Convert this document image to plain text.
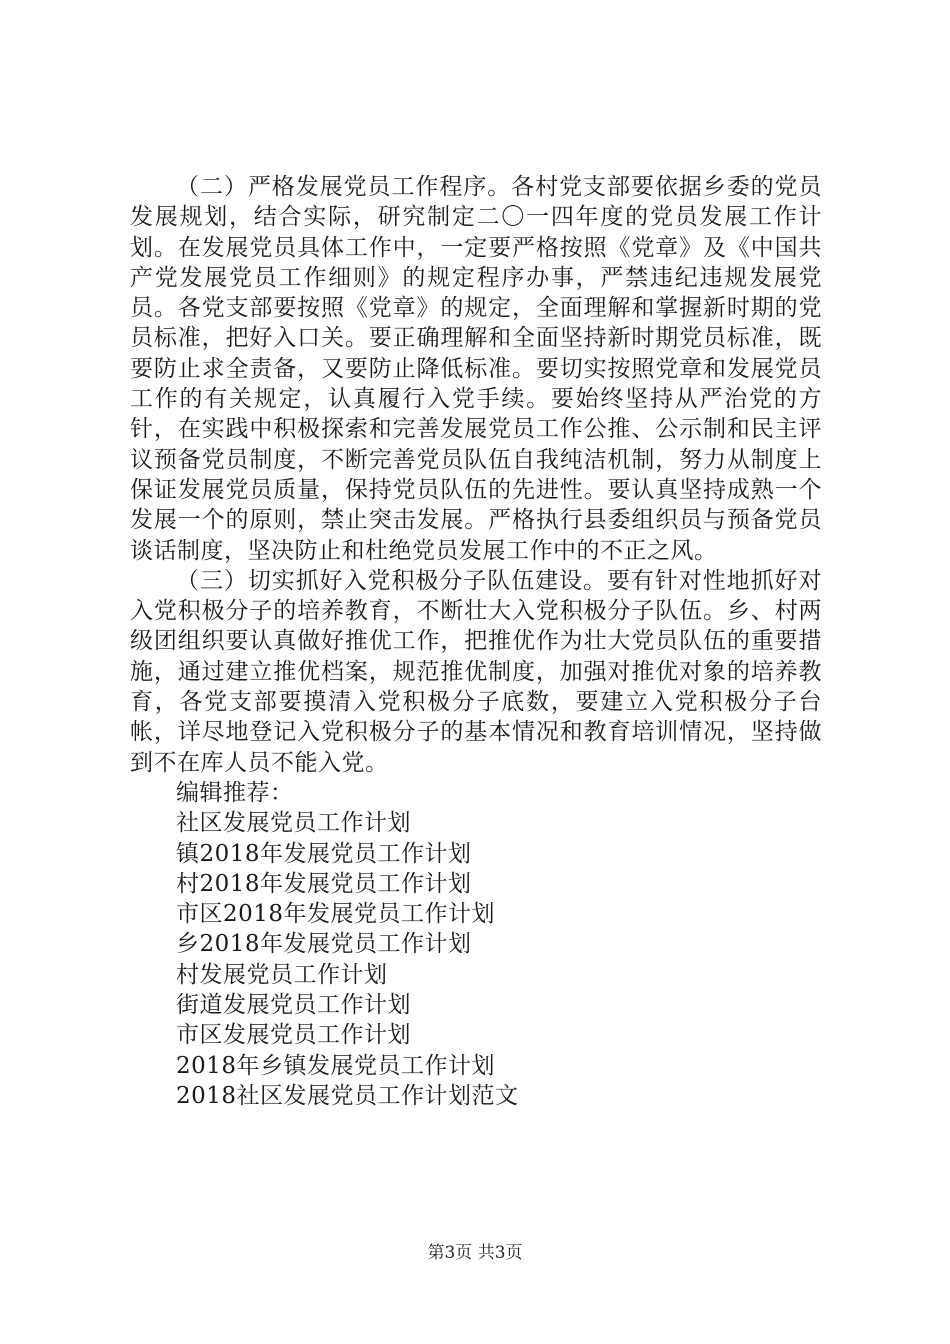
（二）严格发展党员工作程序。各村党支部要依据乡委的党员发展规划，结合实际，研究制定二〇一四年度的党员发展工作计划。在发展党员具体工作中，一定要严格按照《党章》及《中国共产党发展党员工作细则》的规定程序办事，严禁违纪违规发展党员。各党支部要按照《党章》的规定，全面理解和掌握新时期的党员标准，把好入口关。要正确理解和全面坚持新时期党员标准，既要防止求全责备，又要防止降低标准。要切实按照党章和发展党员工作的有关规定，认真履行入党手续。要始终坚持从严治党的方针，在实践中积极探索和完善发展党员工作公推、公示制和民主评议预备党员制度，不断完善党员队伍自我纯洁机制，努力从制度上保证发展党员质量，保持党员队伍的先进性。要认真坚持成熟一个发展一个的原则，禁止突击发展。严格执行县委组织员与预备党员谈话制度，坚决防止和杜绝党员发展工作中的不正之风。

（三）切实抓好入党积极分子队伍建设。要有针对性地抓好对入党积极分子的培养教育，不断壮大入党积极分子队伍。乡、村两级团组织要认真做好推优工作，把推优作为壮大党员队伍的重要措施，通过建立推优档案，规范推优制度，加强对推优对象的培养教育，各党支部要摸清入党积极分子底数，要建立入党积极分子台帐，详尽地登记入党积极分子的基本情况和教育培训情况，坚持做到不在库人员不能入党。

编辑推荐：

社区发展党员工作计划
镇2018年发展党员工作计划
村2018年发展党员工作计划
市区2018年发展党员工作计划
乡2018年发展党员工作计划
村发展党员工作计划
街道发展党员工作计划
市区发展党员工作计划
2018年乡镇发展党员工作计划
2018社区发展党员工作计划范文
第3页 共3页
